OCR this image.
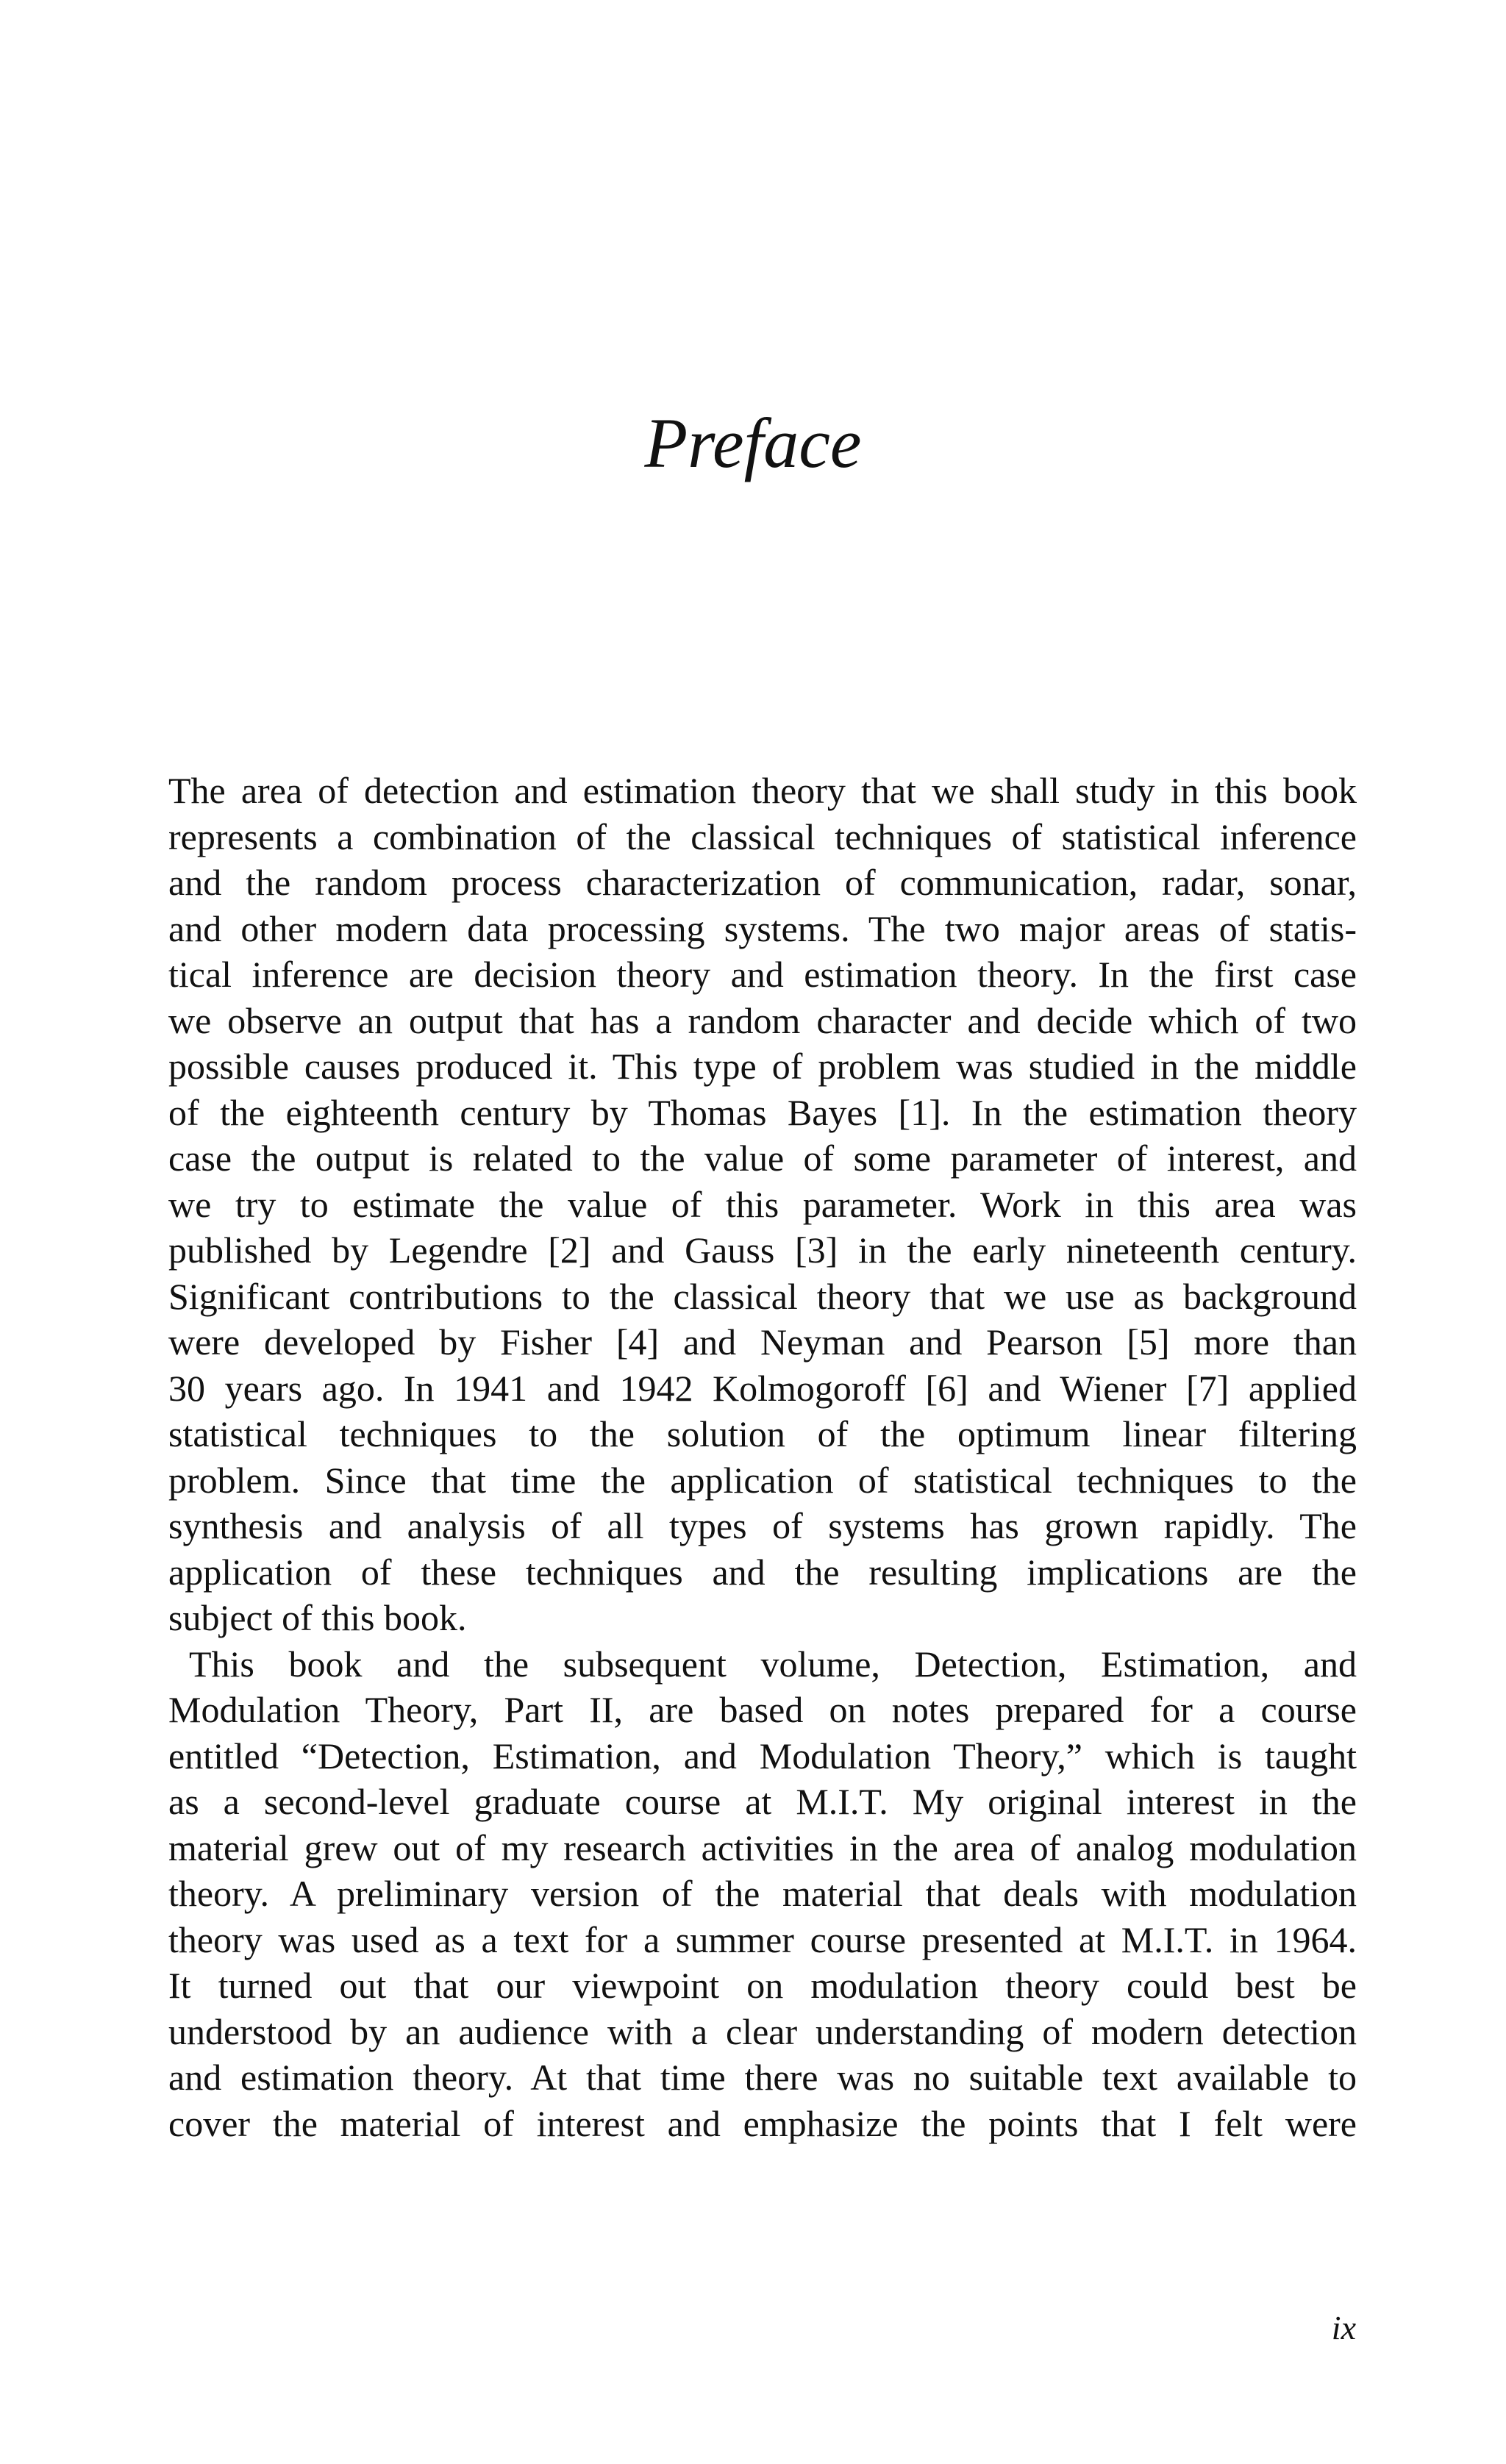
Preface
The area of detection and estimation theory that we shall study in this book
represents a combination of the classical techniques of statistical inference
and the random process characterization of communication, radar, sonar,
and other modern data processing systems. The two major areas of statis-
tical inference are decision theory and estimation theory. In the first case
we observe an output that has a random character and decide which of two
possible causes produced it. This type of problem was studied in the middle
of the eighteenth century by Thomas Bayes [1]. In the estimation theory
case the output is related to the value of some parameter of interest, and
we try to estimate the value of this parameter. Work in this area was
published by Legendre [2] and Gauss [3] in the early nineteenth century.
Significant contributions to the classical theory that we use as background
were developed by Fisher [4] and Neyman and Pearson [5] more than
30 years ago. In 1941 and 1942 Kolmogoroff [6] and Wiener [7] applied
statistical techniques to the solution of the optimum linear filtering
problem. Since that time the application of statistical techniques to the
synthesis and analysis of all types of systems has grown rapidly. The
application of these techniques and the resulting implications are the
subject of this book.
This book and the subsequent volume, Detection, Estimation, and
Modulation Theory, Part II, are based on notes prepared for a course
entitled “Detection, Estimation, and Modulation Theory,” which is taught
as a second-level graduate course at M.I.T. My original interest in the
material grew out of my research activities in the area of analog modulation
theory. A preliminary version of the material that deals with modulation
theory was used as a text for a summer course presented at M.I.T. in 1964.
It turned out that our viewpoint on modulation theory could best be
understood by an audience with a clear understanding of modern detection
and estimation theory. At that time there was no suitable text available to
cover the material of interest and emphasize the points that I felt were
ix
